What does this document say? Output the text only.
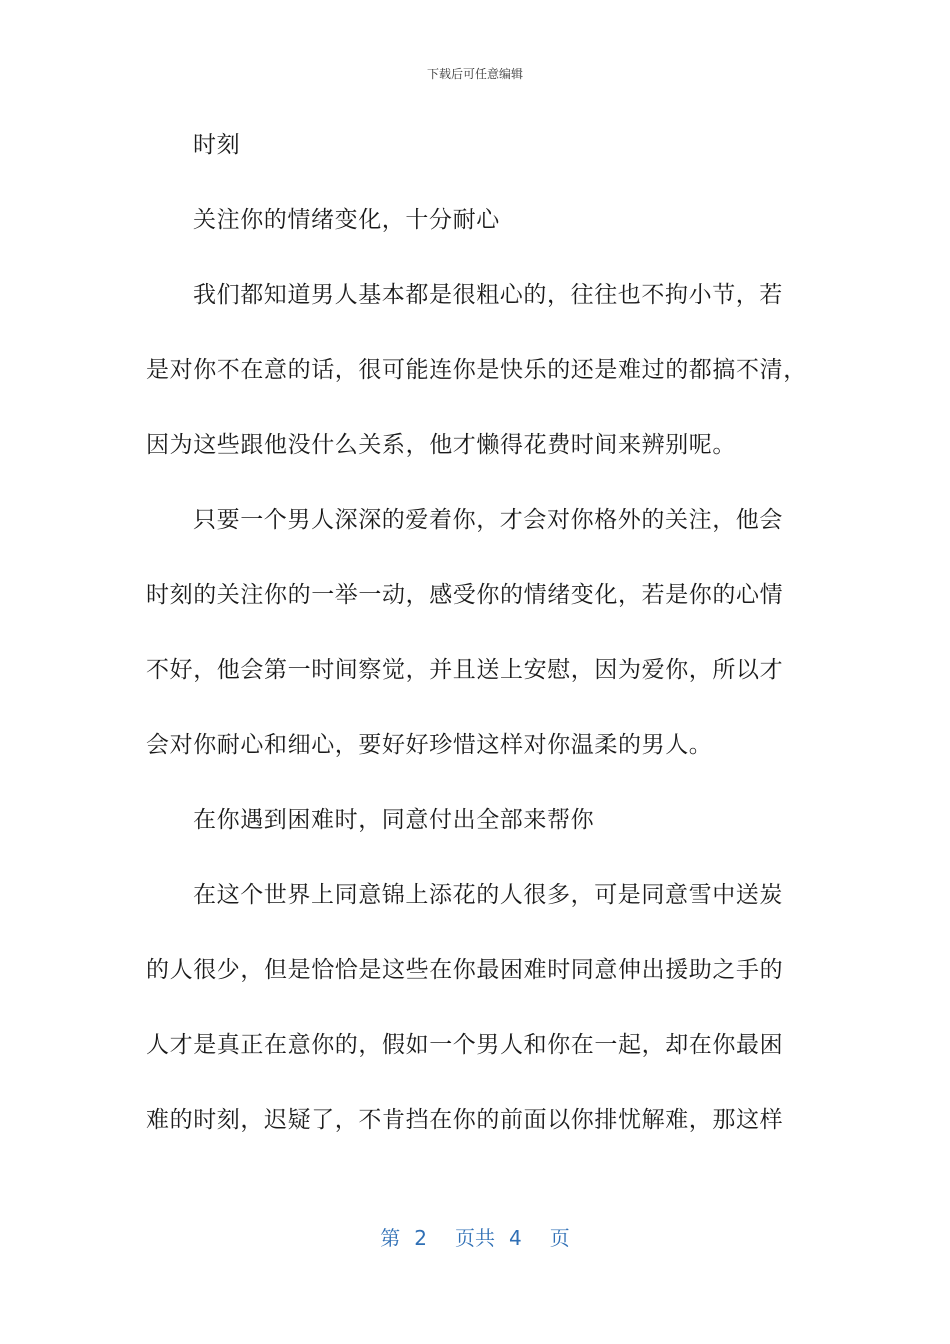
下载后可任意编辑
时刻
关注你的情绪变化，十分耐心
我们都知道男人基本都是很粗心的，往往也不拘小节，若
是对你不在意的话，很可能连你是快乐的还是难过的都搞不清，
因为这些跟他没什么关系，他才懒得花费时间来辨别呢。
只要一个男人深深的爱着你，才会对你格外的关注，他会
时刻的关注你的一举一动，感受你的情绪变化，若是你的心情
不好，他会第一时间察觉，并且送上安慰，因为爱你，所以才
会对你耐心和细心，要好好珍惜这样对你温柔的男人。
在你遇到困难时，同意付出全部来帮你
在这个世界上同意锦上添花的人很多，可是同意雪中送炭
的人很少，但是恰恰是这些在你最困难时同意伸出援助之手的
人才是真正在意你的，假如一个男人和你在一起，却在你最困
难的时刻，迟疑了，不肯挡在你的前面以你排忧解难，那这样
第 2 页共 4 页
